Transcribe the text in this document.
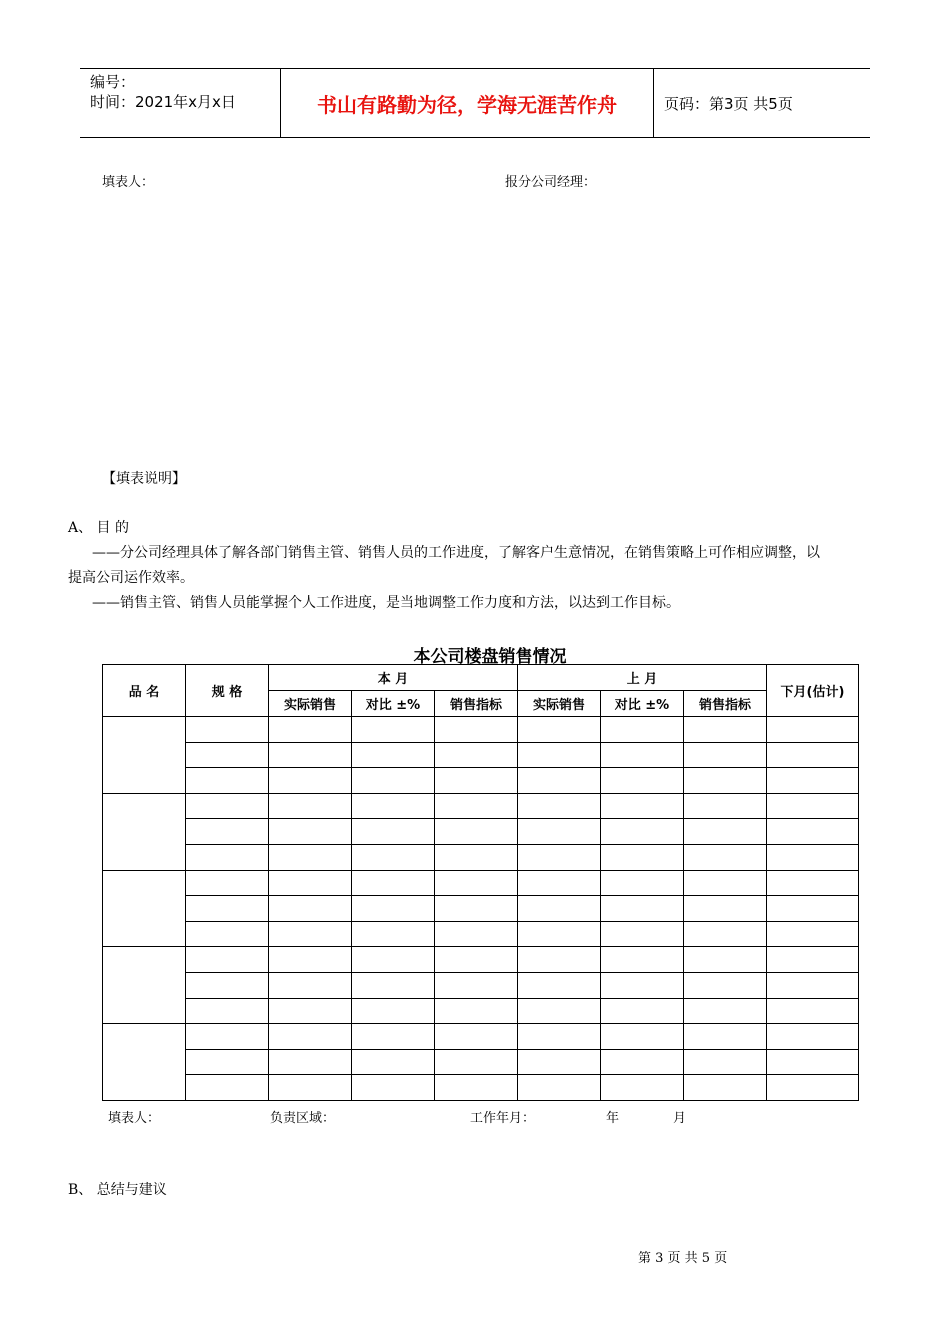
编号：
时间：2021年x月x日	书山有路勤为径，学海无涯苦作舟	页码：第3页 共5页
填表人：	报分公司经理：
【填表说明】
A、 目 的
——分公司经理具体了解各部门销售主管、销售人员的工作进度，了解客户生意情况，在销售策略上可作相应调整，以
提高公司运作效率。
——销售主管、销售人员能掌握个人工作进度，是当地调整工作力度和方法，以达到工作目标。
本公司楼盘销售情况
品 名	规 格	本 月			上 月			下月(估计)
		实际销售	对比 ±%	销售指标	实际销售	对比 ±%	销售指标	

填表人：	负责区域：	工作年月：	年	月
B、 总结与建议
第 3 页 共 5 页
